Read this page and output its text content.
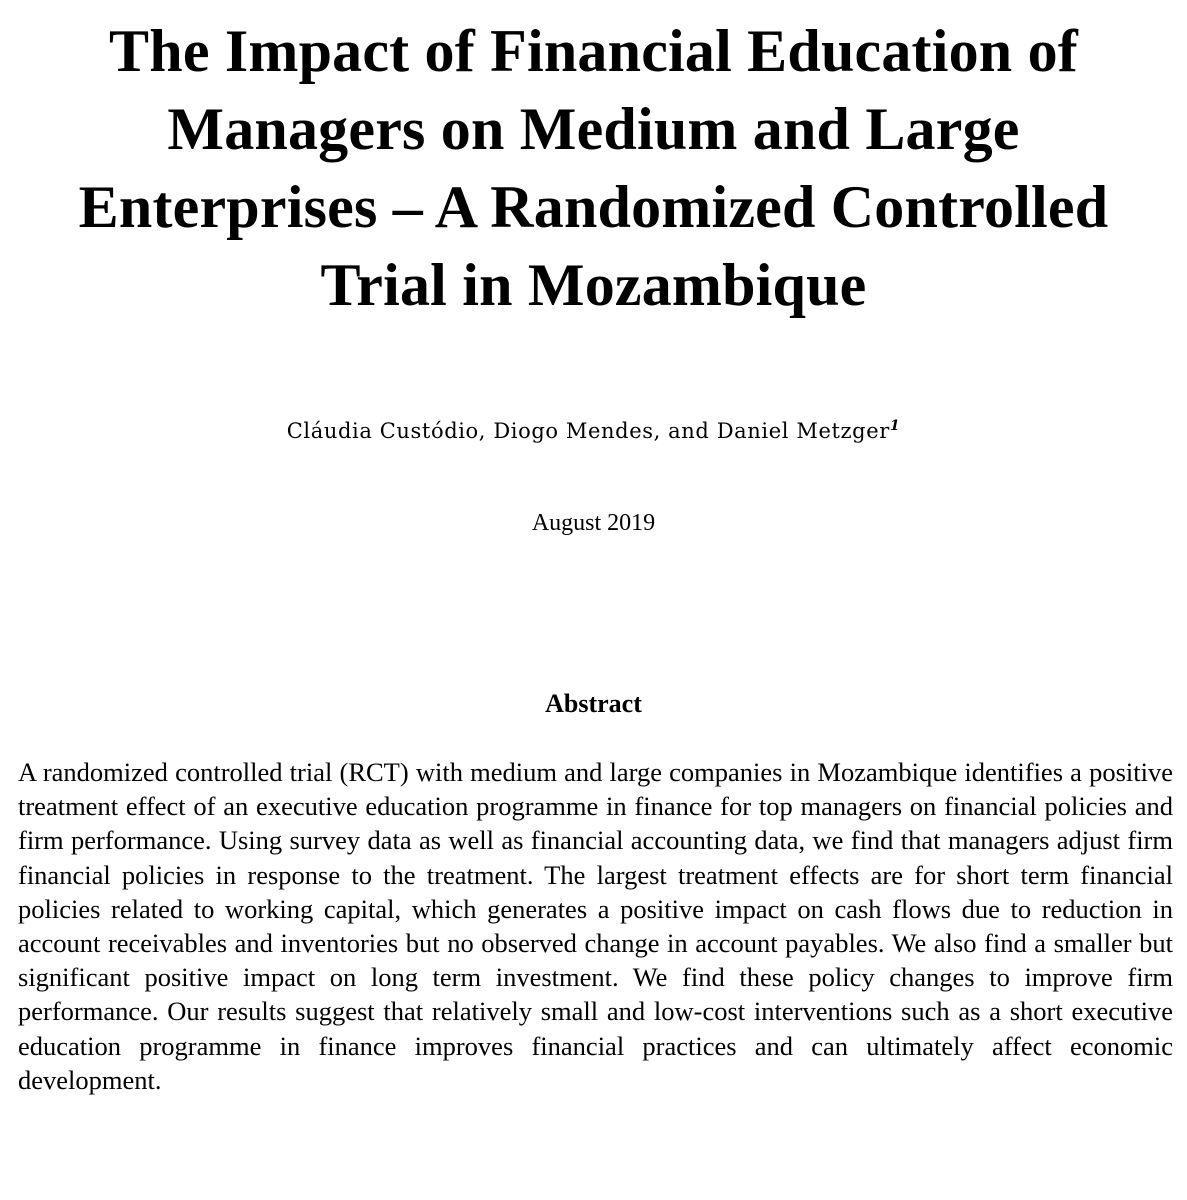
The Impact of Financial Education of Managers on Medium and Large Enterprises – A Randomized Controlled Trial in Mozambique

Cláudia Custódio, Diogo Mendes, and Daniel Metzger$^1$

August 2019

Abstract

A randomized controlled trial (RCT) with medium and large companies in Mozambique identifies a positive treatment effect of an executive education programme in finance for top managers on financial policies and firm performance. Using survey data as well as financial accounting data, we find that managers adjust firm financial policies in response to the treatment. The largest treatment effects are for short term financial policies related to working capital, which generates a positive impact on cash flows due to reduction in account receivables and inventories but no observed change in account payables. We also find a smaller but significant positive impact on long term investment. We find these policy changes to improve firm performance. Our results suggest that relatively small and low-cost interventions such as a short executive education programme in finance improves financial practices and can ultimately affect economic development.
